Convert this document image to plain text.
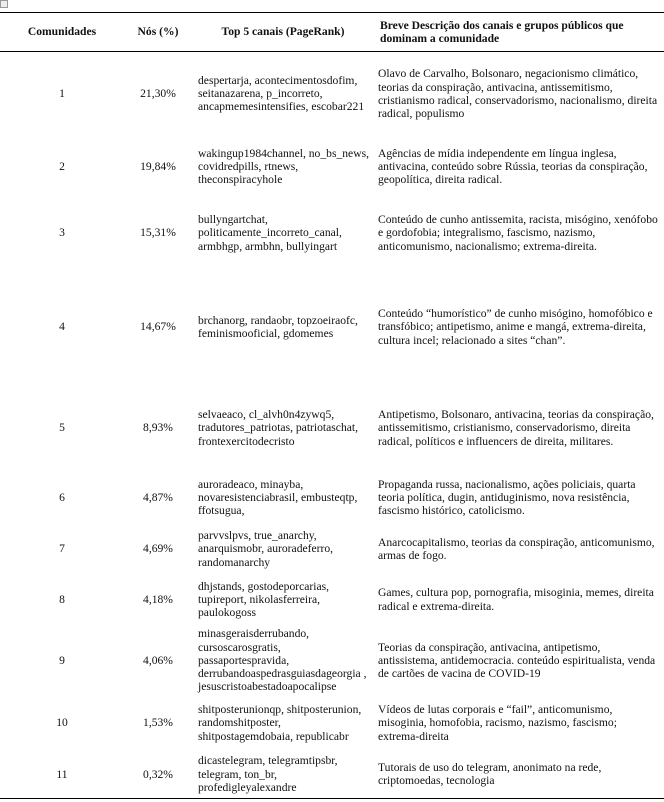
Comunidades	Nós (%)	Top 5 canais (PageRank)	Breve Descrição dos canais e grupos públicos que dominam a comunidade
1	21,30%	despertarja, acontecimentosdofim, seitanazarena, p_incorreto, ancapmemesintensifies, escobar221	Olavo de Carvalho, Bolsonaro, negacionismo climático, teorias da conspiração, antivacina, antissemitismo, cristianismo radical, conservadorismo, nacionalismo, direita radical, populismo
2	19,84%	wakingup1984channel, no_bs_news, covidredpills, rtnews, theconspiracyhole	Agências de mídia independente em língua inglesa, antivacina, conteúdo sobre Rússia, teorias da conspiração, geopolítica, direita radical.
3	15,31%	bullyngartchat, politicamente_incorreto_canal, armbhgp, armbhn, bullyingart	Conteúdo de cunho antissemita, racista, misógino, xenófobo e gordofobia; integralismo, fascismo, nazismo, anticomunismo, nacionalismo; extrema-direita.
4	14,67%	brchanorg, randaobr, topzoeiraofc, feminismooficial, gdomemes	Conteúdo “humorístico” de cunho misógino, homofóbico e transfóbico; antipetismo, anime e mangá, extrema-direita, cultura incel; relacionado a sites “chan”.
5	8,93%	selvaeaco, cl_alvh0n4zywq5, tradutores_patriotas, patriotaschat, frontexercitodecristo	Antipetismo, Bolsonaro, antivacina, teorias da conspiração, antissemitismo, cristianismo, conservadorismo, direita radical, políticos e influencers de direita, militares.
6	4,87%	auroradeaco, minayba, novaresistenciabrasil, embusteqtp, ffotsugua,	Propaganda russa, nacionalismo, ações policiais, quarta teoria política, dugin, antiduginismo, nova resistência, fascismo histórico, catolicismo.
7	4,69%	parvvslpvs, true_anarchy, anarquismobr, auroradeferro, randomanarchy	Anarcocapitalismo, teorias da conspiração, anticomunismo, armas de fogo.
8	4,18%	dhjstands, gostodeporcarias, tupireport, nikolasferreira, paulokogoss	Games, cultura pop, pornografia, misoginia, memes, direita radical e extrema-direita.
9	4,06%	minasgeraisderrubando, cursoscarosgratis, passaportespravida, derrubandoaspedrasguiasdageorgia , jesuscristoabestadoapocalipse	Teorias da conspiração, antivacina, antipetismo, antissistema, antidemocracia. conteúdo espiritualista, venda de cartões de vacina de COVID-19
10	1,53%	shitposterunionqp, shitposterunion, randomshitposter, shitpostagemdobaia, republicabr	Vídeos de lutas corporais e “fail”, anticomunismo, misoginia, homofobia, racismo, nazismo, fascismo; extrema-direita
11	0,32%	dicastelegram, telegramtipsbr, telegram, ton_br, profedigleyalexandre	Tutorais de uso do telegram, anonimato na rede, criptomoedas, tecnologia
